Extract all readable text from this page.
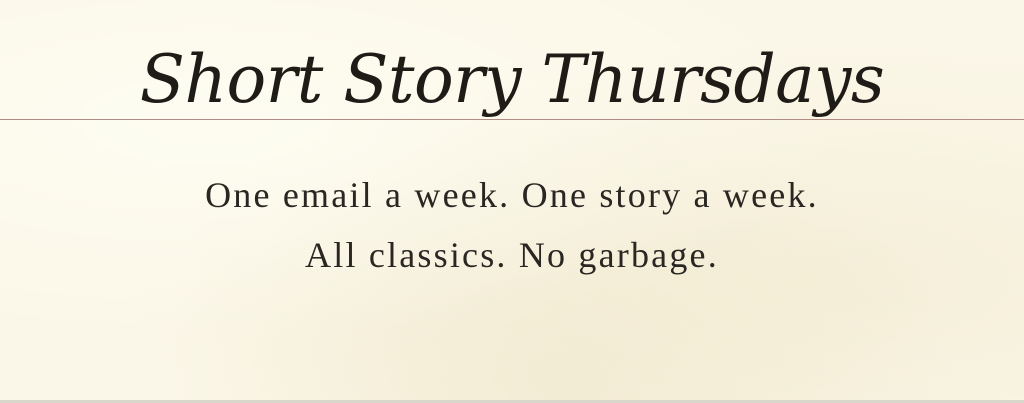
Short Story Thursdays
One email a week. One story a week.
All classics. No garbage.
